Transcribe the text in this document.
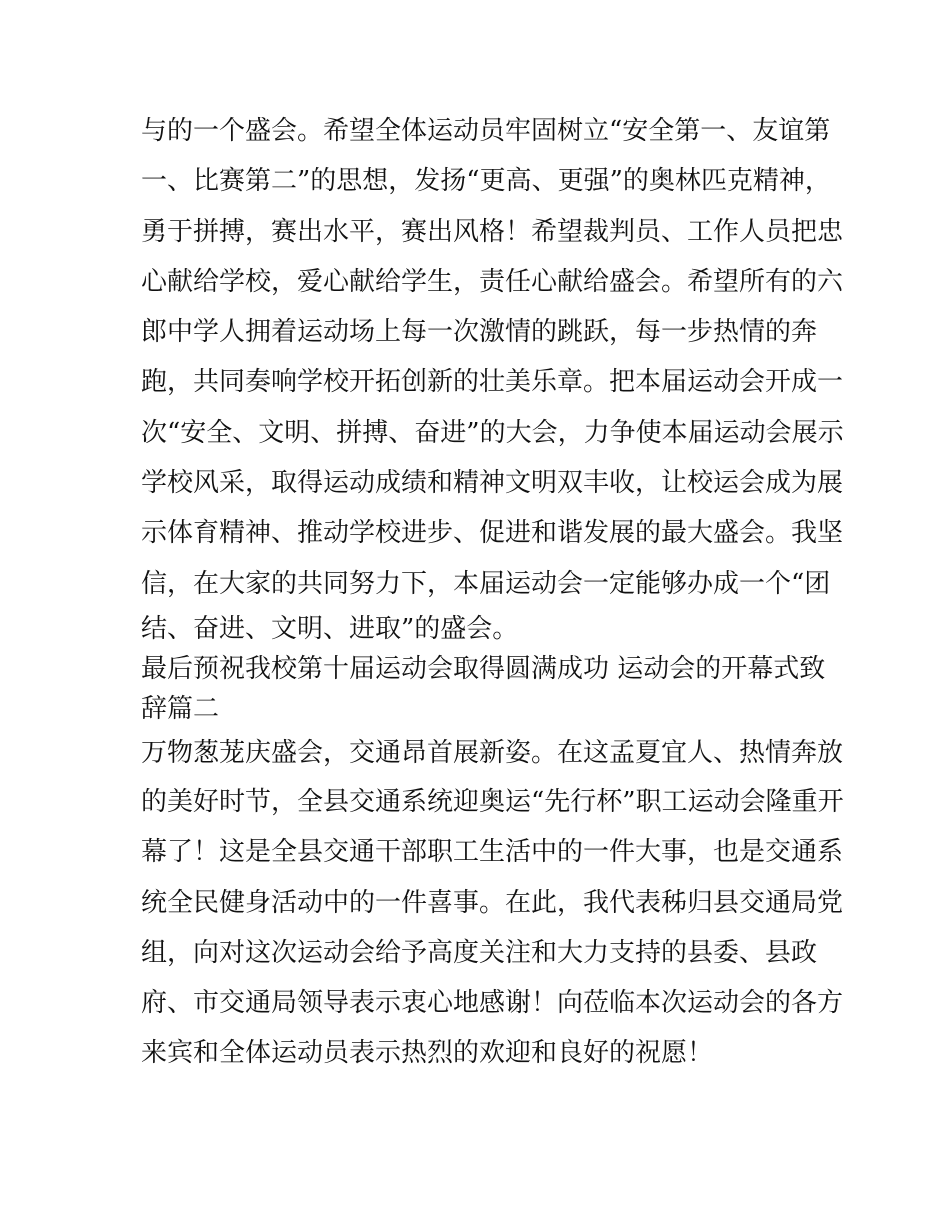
与的一个盛会。希望全体运动员牢固树立“安全第一、友谊第
一、比赛第二”的思想，发扬“更高、更强”的奥林匹克精神，
勇于拼搏，赛出水平，赛出风格！希望裁判员、工作人员把忠
心献给学校，爱心献给学生，责任心献给盛会。希望所有的六
郎中学人拥着运动场上每一次激情的跳跃，每一步热情的奔
跑，共同奏响学校开拓创新的壮美乐章。把本届运动会开成一
次“安全、文明、拼搏、奋进”的大会，力争使本届运动会展示
学校风采，取得运动成绩和精神文明双丰收，让校运会成为展
示体育精神、推动学校进步、促进和谐发展的最大盛会。我坚
信，在大家的共同努力下，本届运动会一定能够办成一个“团
结、奋进、文明、进取”的盛会。
最后预祝我校第十届运动会取得圆满成功 运动会的开幕式致
辞篇二
万物葱茏庆盛会，交通昂首展新姿。在这孟夏宜人、热情奔放
的美好时节，全县交通系统迎奥运“先行杯”职工运动会隆重开
幕了！这是全县交通干部职工生活中的一件大事，也是交通系
统全民健身活动中的一件喜事。在此，我代表秭归县交通局党
组，向对这次运动会给予高度关注和大力支持的县委、县政
府、市交通局领导表示衷心地感谢！向莅临本次运动会的各方
来宾和全体运动员表示热烈的欢迎和良好的祝愿！
